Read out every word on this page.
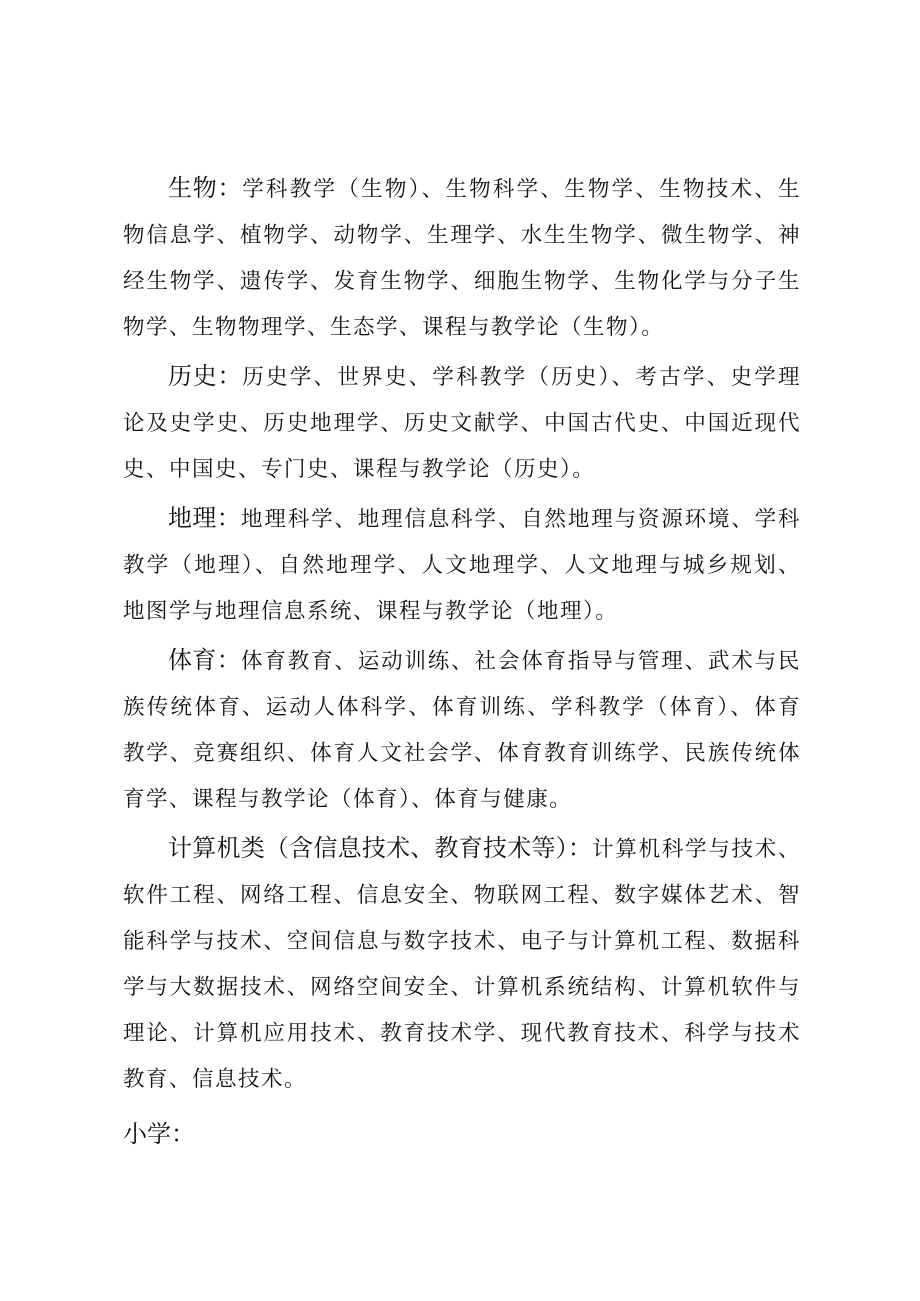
生物：学科教学（生物）、生物科学、生物学、生物技术、生物信息学、植物学、动物学、生理学、水生生物学、微生物学、神经生物学、遗传学、发育生物学、细胞生物学、生物化学与分子生物学、生物物理学、生态学、课程与教学论（生物）。

历史：历史学、世界史、学科教学（历史）、考古学、史学理论及史学史、历史地理学、历史文献学、中国古代史、中国近现代史、中国史、专门史、课程与教学论（历史）。

地理：地理科学、地理信息科学、自然地理与资源环境、学科教学（地理）、自然地理学、人文地理学、人文地理与城乡规划、地图学与地理信息系统、课程与教学论（地理）。

体育：体育教育、运动训练、社会体育指导与管理、武术与民族传统体育、运动人体科学、体育训练、学科教学（体育）、体育教学、竞赛组织、体育人文社会学、体育教育训练学、民族传统体育学、课程与教学论（体育）、体育与健康。

计算机类（含信息技术、教育技术等）：计算机科学与技术、软件工程、网络工程、信息安全、物联网工程、数字媒体艺术、智能科学与技术、空间信息与数字技术、电子与计算机工程、数据科学与大数据技术、网络空间安全、计算机系统结构、计算机软件与理论、计算机应用技术、教育技术学、现代教育技术、科学与技术教育、信息技术。

小学：
